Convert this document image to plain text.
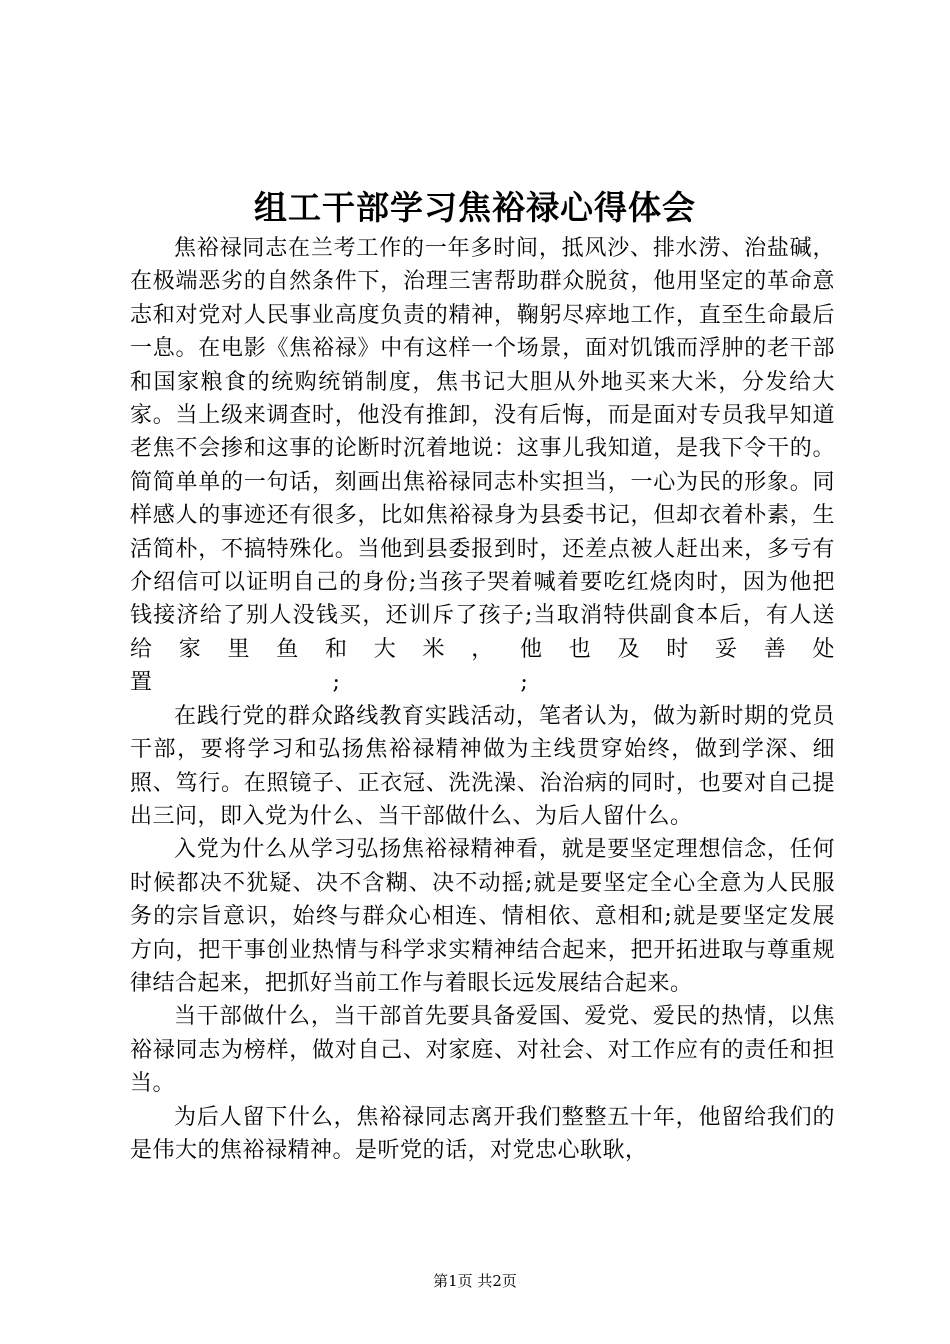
组工干部学习焦裕禄心得体会

焦裕禄同志在兰考工作的一年多时间，抵风沙、排水涝、治盐碱，在极端恶劣的自然条件下，治理三害帮助群众脱贫，他用坚定的革命意志和对党对人民事业高度负责的精神，鞠躬尽瘁地工作，直至生命最后一息。在电影《焦裕禄》中有这样一个场景，面对饥饿而浮肿的老干部和国家粮食的统购统销制度，焦书记大胆从外地买来大米，分发给大家。当上级来调查时，他没有推卸，没有后悔，而是面对专员我早知道老焦不会掺和这事的论断时沉着地说：这事儿我知道，是我下令干的。简简单单的一句话，刻画出焦裕禄同志朴实担当，一心为民的形象。同样感人的事迹还有很多，比如焦裕禄身为县委书记，但却衣着朴素，生活简朴，不搞特殊化。当他到县委报到时，还差点被人赶出来，多亏有介绍信可以证明自己的身份;当孩子哭着喊着要吃红烧肉时，因为他把钱接济给了别人没钱买，还训斥了孩子;当取消特供副食本后，有人送给家里鱼和大米，他也及时妥善处置　　　　　　　　;　　　　　　　　;

在践行党的群众路线教育实践活动，笔者认为，做为新时期的党员干部，要将学习和弘扬焦裕禄精神做为主线贯穿始终，做到学深、细照、笃行。在照镜子、正衣冠、洗洗澡、治治病的同时，也要对自己提出三问，即入党为什么、当干部做什么、为后人留什么。

入党为什么从学习弘扬焦裕禄精神看，就是要坚定理想信念，任何时候都决不犹疑、决不含糊、决不动摇;就是要坚定全心全意为人民服务的宗旨意识，始终与群众心相连、情相依、意相和;就是要坚定发展方向，把干事创业热情与科学求实精神结合起来，把开拓进取与尊重规律结合起来，把抓好当前工作与着眼长远发展结合起来。

当干部做什么，当干部首先要具备爱国、爱党、爱民的热情，以焦裕禄同志为榜样，做对自己、对家庭、对社会、对工作应有的责任和担当。

为后人留下什么，焦裕禄同志离开我们整整五十年，他留给我们的是伟大的焦裕禄精神。是听党的话，对党忠心耿耿，

第1页 共2页
